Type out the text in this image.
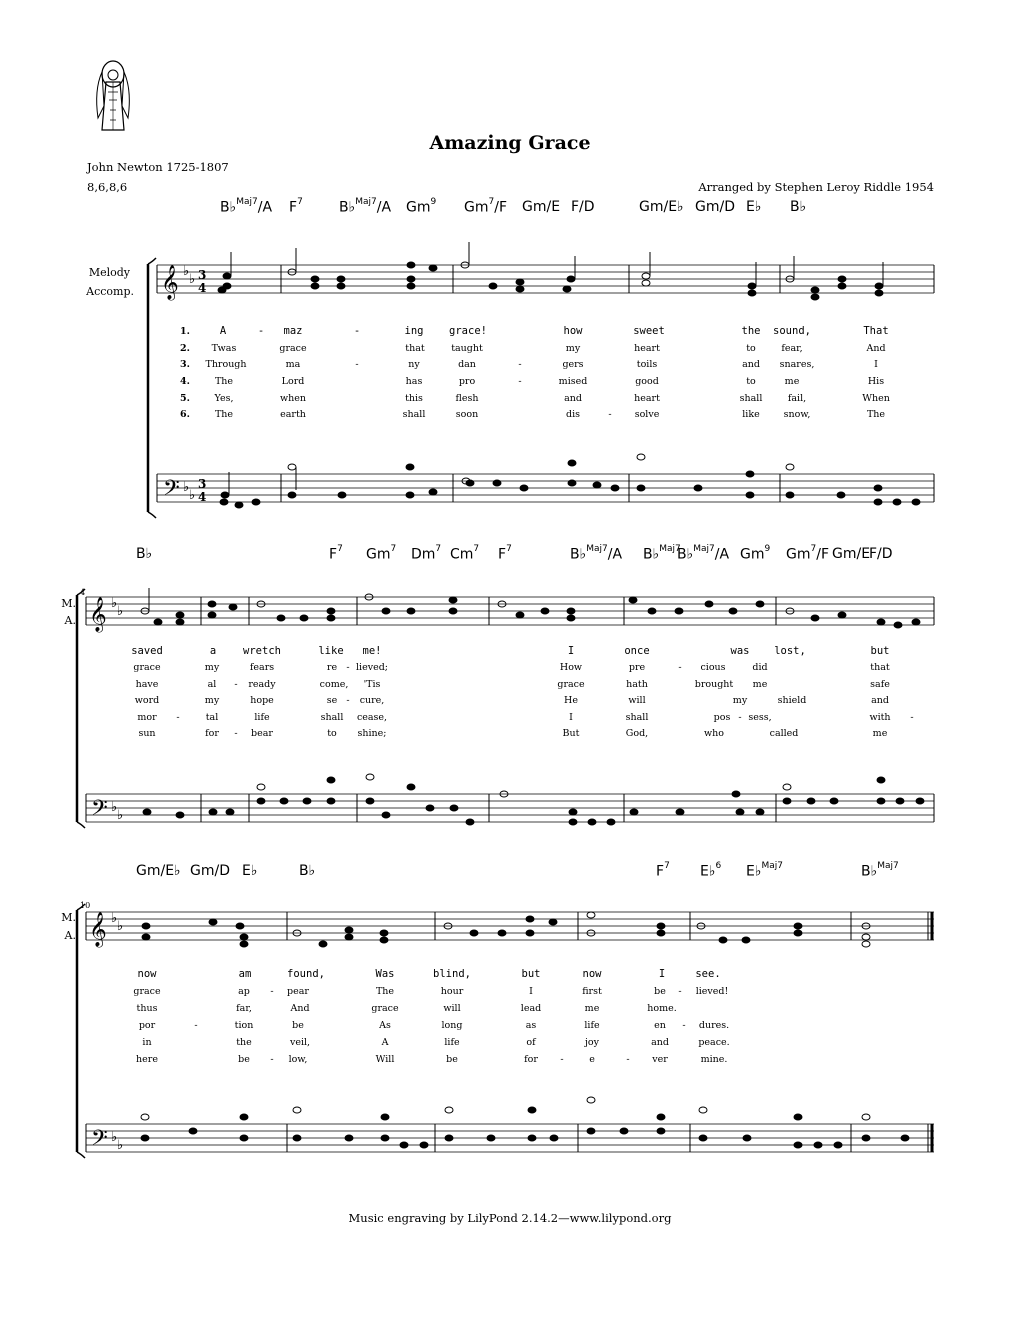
Amazing Grace
John Newton 1725-1807
8,6,8,6	Arranged by Stephen Leroy Riddle 1954
B♭$^{Maj7}$/A $F^7$	B♭$^{Maj7}$/A Gm$^9$ Gm$^7$/F Gm/E F/D	Gm/E♭ Gm/D E♭ B♭
Melody
Accomp. 𝄞
𝄢
♭
♭
♭
♭
3
4
3
4
1.
2.
3.
4.
5.
6.
A	- maz	-	ing grace!	how	sweet	the sound,	That
Twas	grace	that	taught	my	heart	to	fear,	And
Through	ma	-	ny	dan	-	gers	toils	and snares,	I
The	Lord	has	pro	-	mised	good	to	me	His
Yes,	when	this	flesh	and	heart	shall	fail,	When
The	earth	shall	soon	dis	- solve	like	snow,	The
B♭	$F^7$ Gm$^7$ Dm$^7$ Cm$^7$ $F^7$	B♭$^{Maj7}$/A B♭$^{Maj7}$
B♭$^{Maj7}$/A Gm$^9$ Gm$^7$/F Gm/E
F/D
4
M.
A. 𝄞
𝄢
♭
♭
♭
♭
saved	a	wretch	like me!	I	once	was lost,	but
grace	my	fears	re - lieved;	How	pre	- cious	did	that
have	al - ready	come, 'Tis	grace	hath	brought me	safe
word	my	hope	se - cure,	He	will	my	shield	and
mor -	tal	life	shall cease,	I	shall	pos - sess,	with -
sun	for - bear	to shine;	But	God,	who	called	me
Gm/E♭ Gm/D E♭	B♭	$F^7$ E♭$^6$ E♭$^{Maj7}$	B♭$^{Maj7}$
10
M.
A. 𝄞
𝄢
♭
♭
♭
♭
now	am	found,	Was	blind,	but	now	I	see.
grace	ap - pear	The	hour	I	first	be - lieved!
thus	far,	And	grace	will	lead	me	home.
por	-	tion	be	As	long	as	life	en - dures.
in	the	veil,	A	life	of	joy	and	peace.
here	be - low,	Will	be	for -	e	- ver	mine.
Music engraving by LilyPond 2.14.2—www.lilypond.org
